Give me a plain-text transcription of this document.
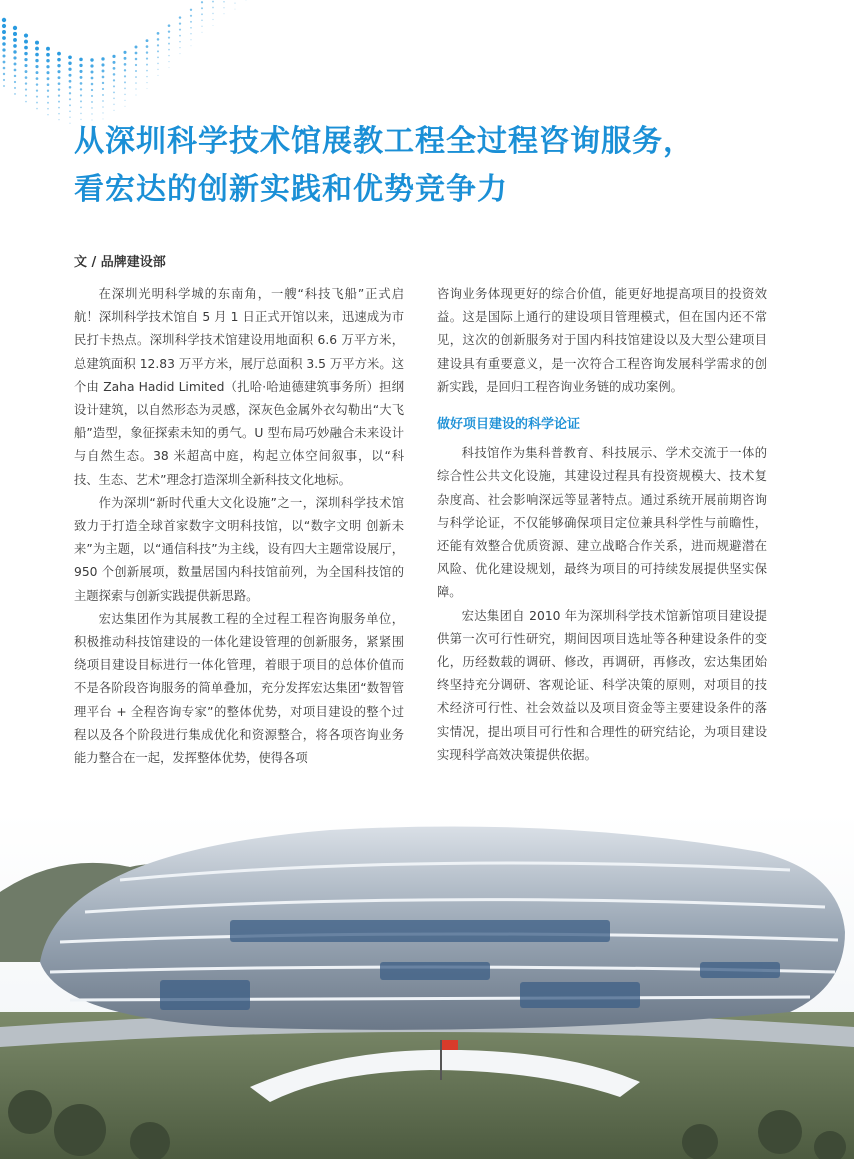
从深圳科学技术馆展教工程全过程咨询服务，
看宏达的创新实践和优势竞争力
文 / 品牌建设部

在深圳光明科学城的东南角，一艘“科技飞船”正式启航！深圳科学技术馆自 5 月 1 日正式开馆以来，迅速成为市民打卡热点。深圳科学技术馆建设用地面积 6.6 万平方米，总建筑面积 12.83 万平方米，展厅总面积 3.5 万平方米。这个由 Zaha Hadid Limited（扎哈·哈迪德建筑事务所）担纲设计建筑，以自然形态为灵感，深灰色金属外衣勾勒出“大飞船”造型，象征探索未知的勇气。U 型布局巧妙融合未来设计与自然生态。38 米超高中庭，构起立体空间叙事，以“科技、生态、艺术”理念打造深圳全新科技文化地标。

作为深圳“新时代重大文化设施”之一，深圳科学技术馆致力于打造全球首家数字文明科技馆，以“数字文明 创新未来”为主题，以“通信科技”为主线，设有四大主题常设展厅，950 个创新展项，数量居国内科技馆前列，为全国科技馆的主题探索与创新实践提供新思路。

宏达集团作为其展教工程的全过程工程咨询服务单位，积极推动科技馆建设的一体化建设管理的创新服务，紧紧围绕项目建设目标进行一体化管理，着眼于项目的总体价值而不是各阶段咨询服务的简单叠加，充分发挥宏达集团“数智管理平台 + 全程咨询专家”的整体优势，对项目建设的整个过程以及各个阶段进行集成优化和资源整合，将各项咨询业务能力整合在一起，发挥整体优势，使得各项

咨询业务体现更好的综合价值，能更好地提高项目的投资效益。这是国际上通行的建设项目管理模式，但在国内还不常见，这次的创新服务对于国内科技馆建设以及大型公建项目建设具有重要意义，是一次符合工程咨询发展科学需求的创新实践，是回归工程咨询业务链的成功案例。

做好项目建设的科学论证

科技馆作为集科普教育、科技展示、学术交流于一体的综合性公共文化设施，其建设过程具有投资规模大、技术复杂度高、社会影响深远等显著特点。通过系统开展前期咨询与科学论证，不仅能够确保项目定位兼具科学性与前瞻性，还能有效整合优质资源、建立战略合作关系，进而规避潜在风险、优化建设规划，最终为项目的可持续发展提供坚实保障。

宏达集团自 2010 年为深圳科学技术馆新馆项目建设提供第一次可行性研究，期间因项目选址等各种建设条件的变化，历经数载的调研、修改，再调研，再修改，宏达集团始终坚持充分调研、客观论证、科学决策的原则，对项目的技术经济可行性、社会效益以及项目资金等主要建设条件的落实情况，提出项目可行性和合理性的研究结论，为项目建设实现科学高效决策提供依据。
